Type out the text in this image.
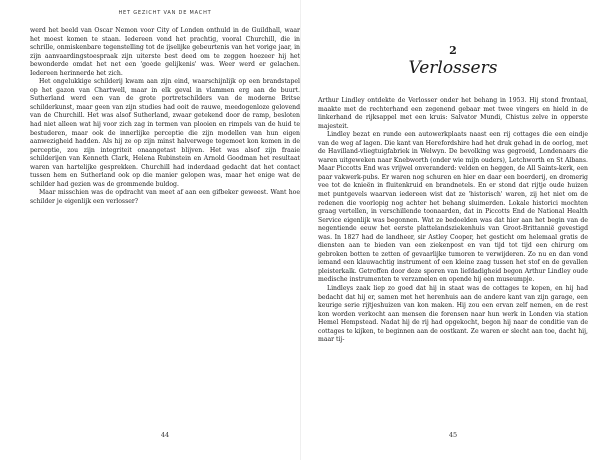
HET GEZICHT VAN DE MACHT

werd het beeld van Oscar Nemon voor City of Londen onthuld in de Guildhall, waar het moest komen te staan. Iedereen vond het prachtig, vooral Churchill, die in schrille, onmiskenbare tegenstelling tot de ijselijke gebeurtenis van het vorige jaar, in zijn aanvaardingstoespraak zijn uiterste best deed om te zeggen hoezeer hij het bewonderde omdat het net een 'goede gelijkenis' was. Weer werd er gelachen. Iedereen herinnerde het zich.

Het ongelukkige schilderij kwam aan zijn eind, waarschijnlijk op een brandstapel op het gazon van Chartwell, maar in elk geval in vlammen erg aan de buurt. Sutherland werd een van de grote portretschilders van de moderne Britse schilderkunst, maar geen van zijn studies had ooit de rauwe, meedogenloze gelovend van de Churchill. Het was alsof Sutherland, zwaar getekend door de ramp, besloten had niet alleen wat hij voor zich zag in termen van plooien en rimpels van de huid te bestuderen, maar ook de innerlijke perceptie die zijn modellen van hun eigen aanwezigheid hadden. Als hij ze op zijn minst halverwege tegemoet kon komen in de perceptie, zou zijn integriteit onaangetast blijven. Het was alsof zijn fraaie schilderijen van Kenneth Clark, Helena Rubinstein en Arnold Goodman het resultaat waren van hartelijke gesprekken. Churchill had inderdaad gedacht dat het contact tussen hem en Sutherland ook op die manier gelopen was, maar het enige wat de schilder had gezien was de grommende buldog.

Maar misschien was de opdracht van meet af aan een gifbeker geweest. Want hoe schilder je eigenlijk een verlosser?

44
2
Verlossers

Arthur Lindley ontdekte de Verlosser onder het behang in 1953. Hij stond frontaal, maakte met de rechterhand een zegenend gebaar met twee vingers en hield in de linkerhand de rijksappel met een kruis: Salvator Mundi, Chistus zelve in opperste majesteit.

Lindley bezat en runde een autowerkplaats naast een rij cottages die een eindje van de weg af lagen. Die kant van Herefordshire had het druk gehad in de oorlog, met de Havilland-vliegtuigfabriek in Welwyn. De bevolking was gegroeid, Londenaars die waren uitgeweken naar Knebworth (onder wie mijn ouders), Letchworth en St Albans. Maar Piccotts End was vrijwel onveranderd: velden en heggen, de All Saints-kerk, een paar vakwerk-pubs. Er waren nog schuren en hier en daar een boerderij, en dromerig vee tot de knieën in fluitenkruid en brandnetels. En er stond dat rijtje oude huizen met puntgevels waarvan iedereen wist dat ze 'historisch' waren, zij het niet om de redenen die voorlopig nog achter het behang sluimerden. Lokale historici mochten graag vertellen, in verschillende toonaarden, dat in Piccotts End de National Health Service eigenlijk was begonnen. Wat ze bedoelden was dat hier aan het begin van de negentiende eeuw het eerste plattelandsziekenhuis van Groot-Brittannië gevestigd was. In 1827 had de landheer, sir Astley Cooper, het gesticht om helemaal gratis de diensten aan te bieden van een ziekenpost en van tijd tot tijd een chirurg om gebroken botten te zetten of gevaarlijke tumoren te verwijderen. Zo nu en dan vond iemand een klauwachtig instrument of een kleine zaag tussen het stof en de gevallen pleisterkalk. Getroffen door deze sporen van liefdadigheid begon Arthur Lindley oude medische instrumenten te verzamelen en opende hij een museumpje.

Lindleys zaak liep zo goed dat hij in staat was de cottages te kopen, en hij had bedacht dat hij er, samen met het herenhuis aan de andere kant van zijn garage, een keurige serie rijtjeshuizen van kon maken. Hij zou een ervan zelf nemen, en de rest kon worden verkocht aan mensen die forensen naar hun werk in Londen via station Hemel Hempstead. Nadat hij de rij had opgekocht, begon hij naar de conditie van de cottages te kijken, te beginnen aan de oostkant. Ze waren er slecht aan toe, dacht hij, maar tij-

45
